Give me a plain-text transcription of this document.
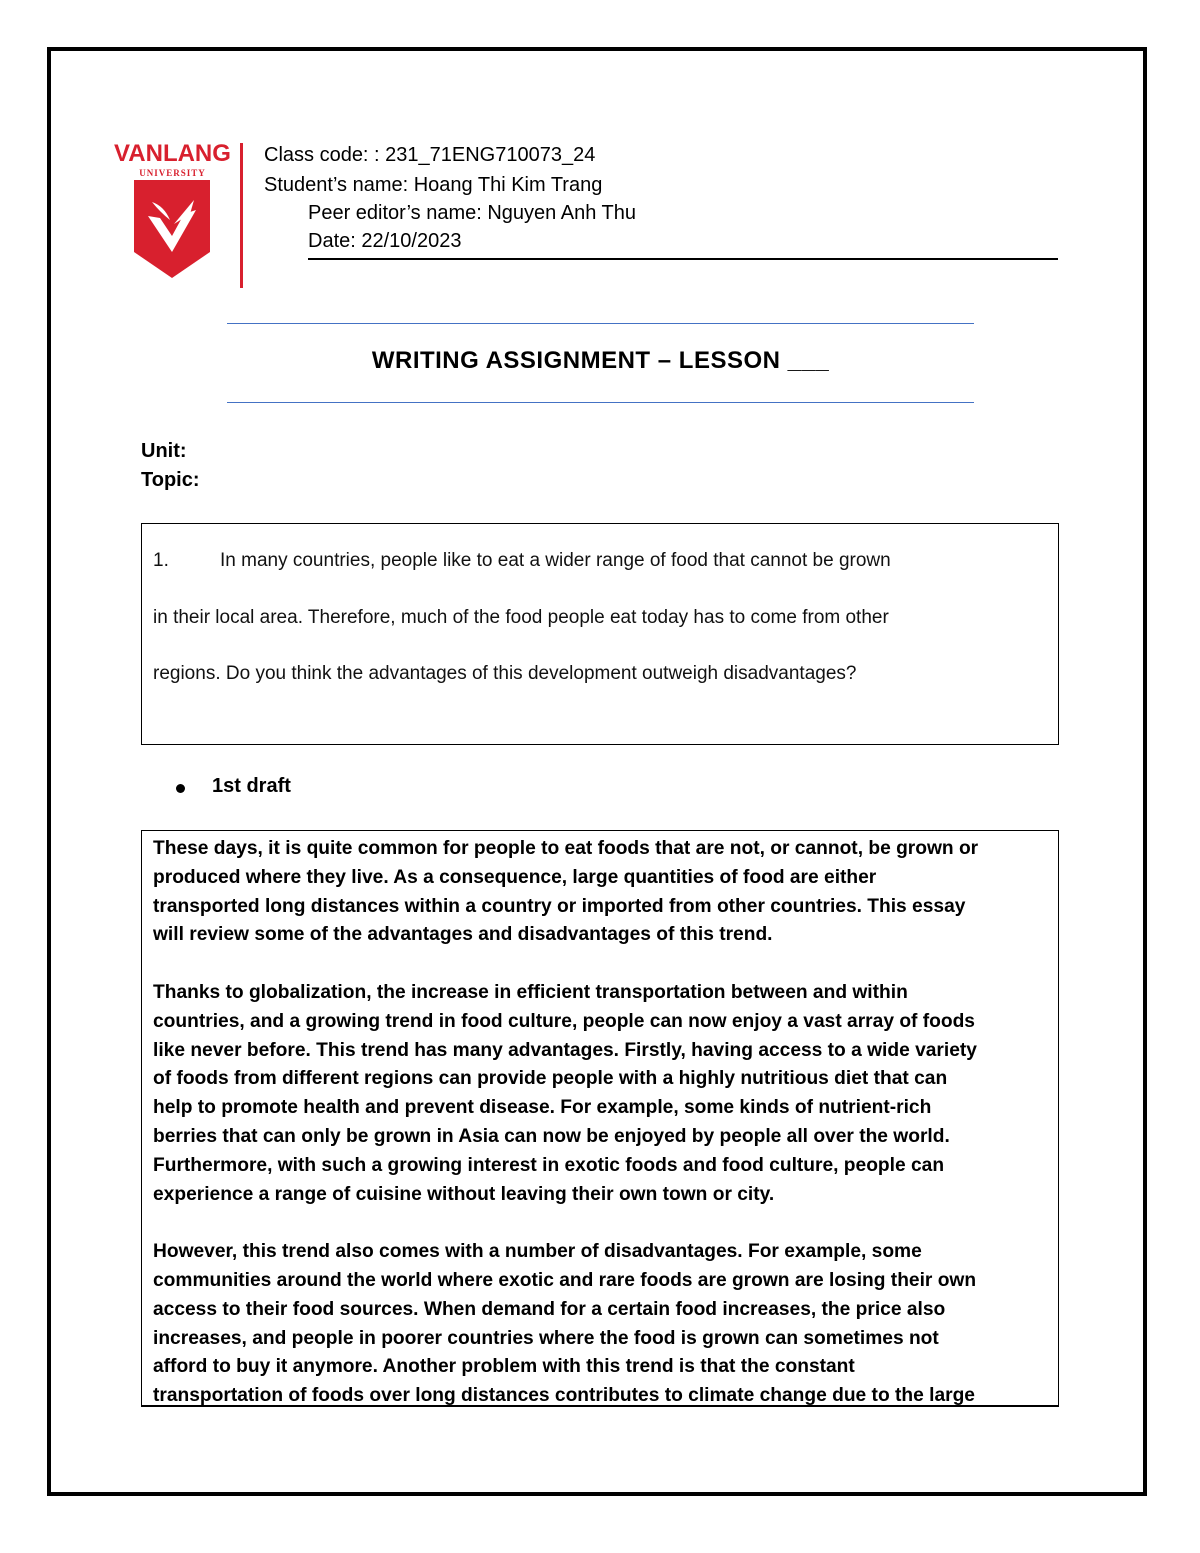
VANLANG
UNIVERSITY
Class code: : 231_71ENG710073_24
Student’s name: Hoang Thi Kim Trang
Peer editor’s name: Nguyen Anh Thu
Date: 22/10/2023
WRITING ASSIGNMENT – LESSON ___
Unit:
Topic:
1.	In many countries, people like to eat a wider range of food that cannot be grown
in their local area. Therefore, much of the food people eat today has to come from other
regions. Do you think the advantages of this development outweigh disadvantages?
1st draft

These days, it is quite common for people to eat foods that are not, or cannot, be grown or
produced where they live. As a consequence, large quantities of food are either
transported long distances within a country or imported from other countries. This essay
will review some of the advantages and disadvantages of this trend.

Thanks to globalization, the increase in efficient transportation between and within
countries, and a growing trend in food culture, people can now enjoy a vast array of foods
like never before. This trend has many advantages. Firstly, having access to a wide variety
of foods from different regions can provide people with a highly nutritious diet that can
help to promote health and prevent disease. For example, some kinds of nutrient-rich
berries that can only be grown in Asia can now be enjoyed by people all over the world.
Furthermore, with such a growing interest in exotic foods and food culture, people can
experience a range of cuisine without leaving their own town or city.

However, this trend also comes with a number of disadvantages. For example, some
communities around the world where exotic and rare foods are grown are losing their own
access to their food sources. When demand for a certain food increases, the price also
increases, and people in poorer countries where the food is grown can sometimes not
afford to buy it anymore. Another problem with this trend is that the constant
transportation of foods over long distances contributes to climate change due to the large
